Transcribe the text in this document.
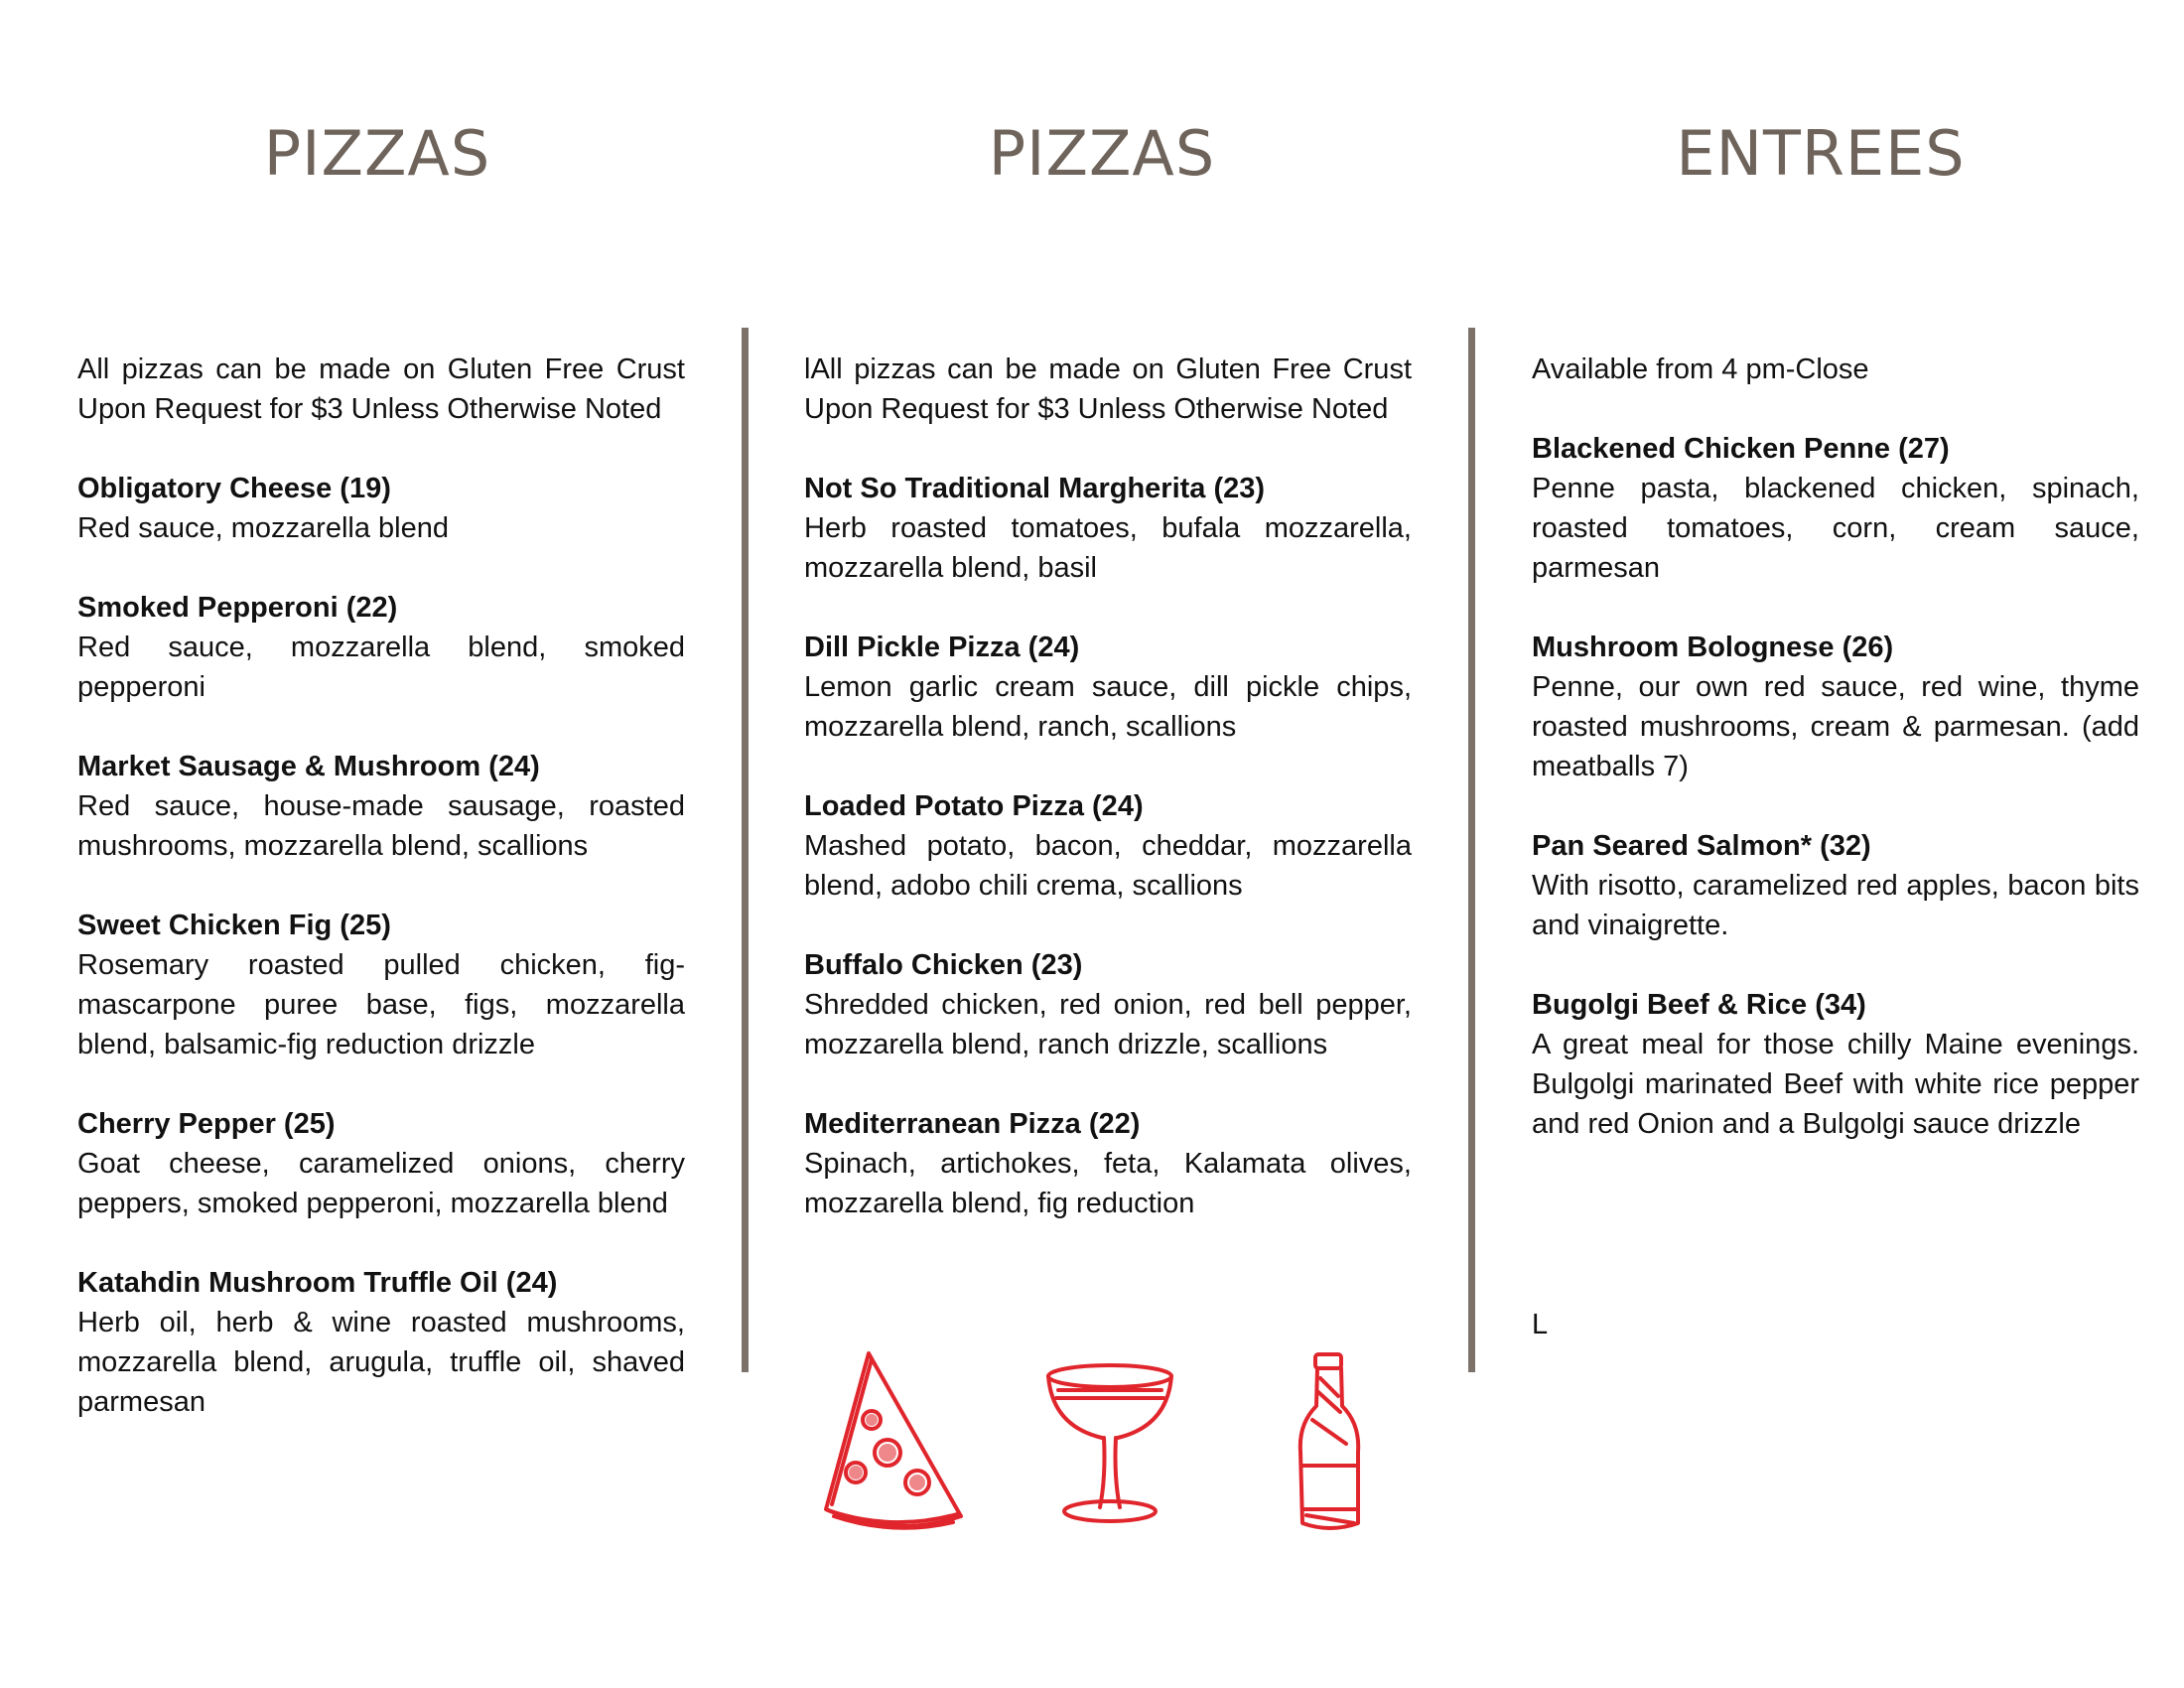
PIZZAS	PIZZAS	ENTREES
All pizzas can be made on Gluten Free Crust Upon Request for $3 Unless Otherwise Noted
Obligatory Cheese (19)
Red sauce, mozzarella blend
Smoked Pepperoni (22)
Red sauce, mozzarella blend, smoked pepperoni
Market Sausage & Mushroom (24)
Red sauce, house-made sausage, roasted mushrooms, mozzarella blend, scallions
Sweet Chicken Fig (25)
Rosemary roasted pulled chicken, fig-mascarpone puree base, figs, mozzarella blend, balsamic-fig reduction drizzle
Cherry Pepper (25)
Goat cheese, caramelized onions, cherry peppers, smoked pepperoni, mozzarella blend
Katahdin Mushroom Truffle Oil (24)
Herb oil, herb & wine roasted mushrooms, mozzarella blend, arugula, truffle oil, shaved parmesan
lAll pizzas can be made on Gluten Free Crust Upon Request for $3 Unless Otherwise Noted
Not So Traditional Margherita (23)
Herb roasted tomatoes, bufala mozzarella, mozzarella blend, basil
Dill Pickle Pizza (24)
Lemon garlic cream sauce, dill pickle chips, mozzarella blend, ranch, scallions
Loaded Potato Pizza (24)
Mashed potato, bacon, cheddar, mozzarella blend, adobo chili crema, scallions
Buffalo Chicken (23)
Shredded chicken, red onion, red bell pepper, mozzarella blend, ranch drizzle, scallions
Mediterranean Pizza (22)
Spinach, artichokes, feta, Kalamata olives, mozzarella blend, fig reduction
Available from 4 pm-Close
Blackened Chicken Penne (27)
Penne pasta, blackened chicken, spinach, roasted tomatoes, corn, cream sauce, parmesan
Mushroom Bolognese (26)
Penne, our own red sauce, red wine, thyme roasted mushrooms, cream & parmesan. (add meatballs 7)
Pan Seared Salmon* (32)
With risotto, caramelized red apples, bacon bits and vinaigrette.
Bugolgi Beef & Rice (34)
A great meal for those chilly Maine evenings. Bulgolgi marinated Beef with white rice pepper and red Onion and a Bulgolgi sauce drizzle
L
